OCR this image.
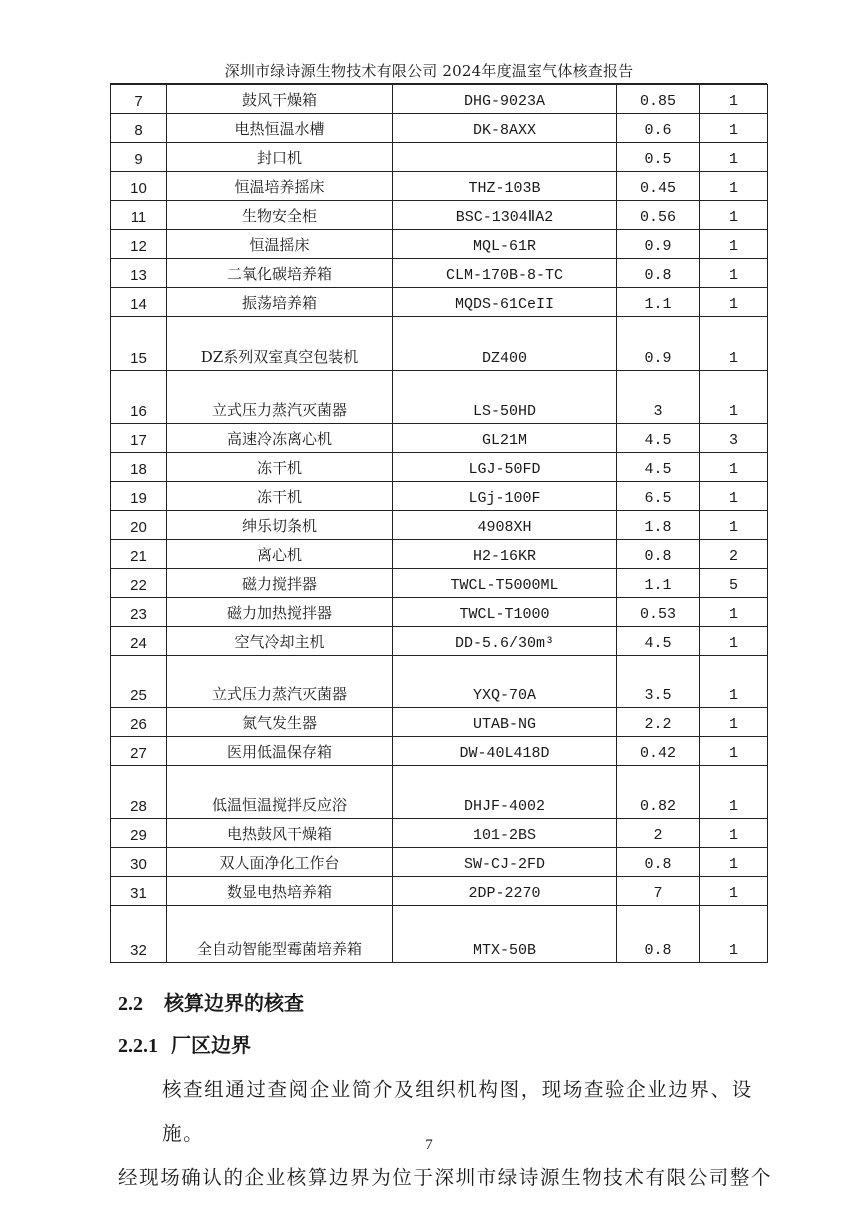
深圳市绿诗源生物技术有限公司 2024年度温室气体核查报告
7	鼓风干燥箱	DHG-9023A	0.85	1
8	电热恒温水槽	DK-8AXX	0.6	1
9	封口机		0.5	1
10	恒温培养摇床	THZ-103B	0.45	1
11	生物安全柜	BSC-1304ⅡA2	0.56	1
12	恒温摇床	MQL-61R	0.9	1
13	二氧化碳培养箱	CLM-170B-8-TC	0.8	1
14	振荡培养箱	MQDS-61CeII	1.1	1
15	DZ系列双室真空包装机	DZ400	0.9	1
16	立式压力蒸汽灭菌器	LS-50HD	3	1
17	高速冷冻离心机	GL21M	4.5	3
18	冻干机	LGJ-50FD	4.5	1
19	冻干机	LGj-100F	6.5	1
20	绅乐切条机	4908XH	1.8	1
21	离心机	H2-16KR	0.8	2
22	磁力搅拌器	TWCL-T5000ML	1.1	5
23	磁力加热搅拌器	TWCL-T1000	0.53	1
24	空气冷却主机	DD-5.6/30m³	4.5	1
25	立式压力蒸汽灭菌器	YXQ-70A	3.5	1
26	氮气发生器	UTAB-NG	2.2	1
27	医用低温保存箱	DW-40L418D	0.42	1
28	低温恒温搅拌反应浴	DHJF-4002	0.82	1
29	电热鼓风干燥箱	101-2BS	2	1
30	双人面净化工作台	SW-CJ-2FD	0.8	1
31	数显电热培养箱	2DP-2270	7	1
32	全自动智能型霉菌培养箱	MTX-50B	0.8	1
2.2 核算边界的核查
2.2.1 厂区边界

核查组通过查阅企业简介及组织机构图，现场查验企业边界、设施。
经现场确认的企业核算边界为位于深圳市绿诗源生物技术有限公司整个

7
